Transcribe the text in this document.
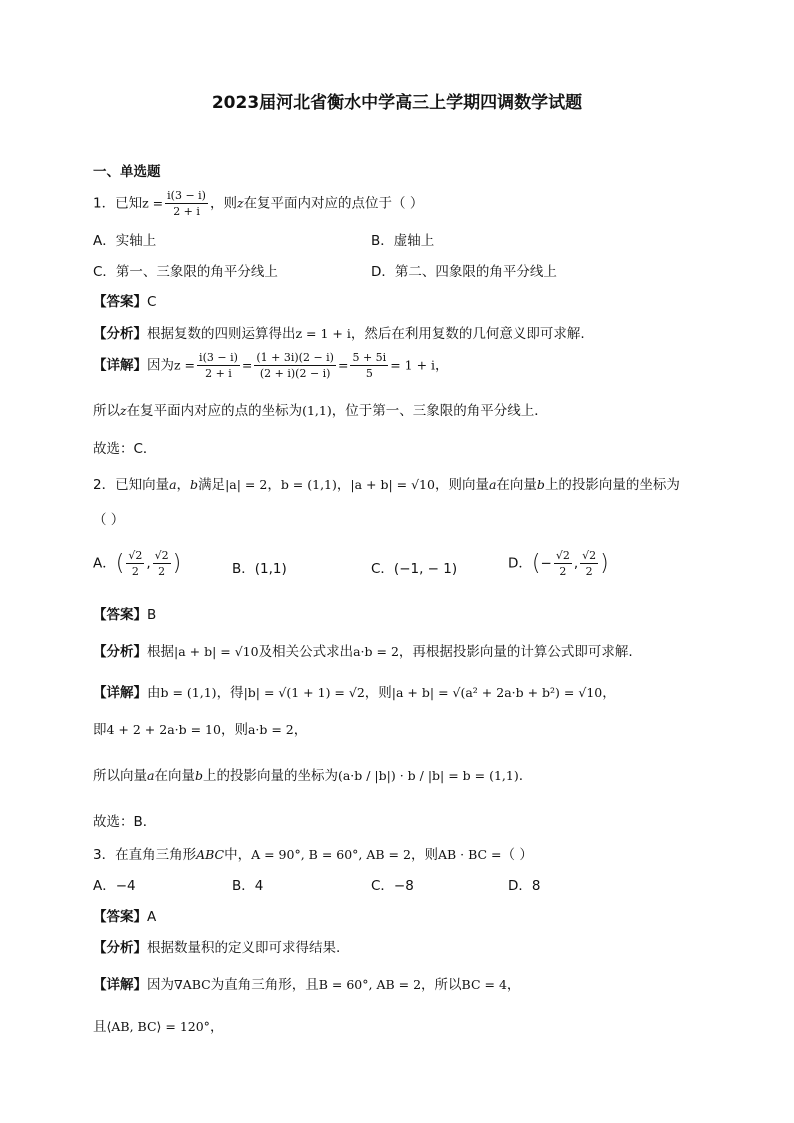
2023届河北省衡水中学高三上学期四调数学试题
一、单选题
1．已知$z = \frac{i(3 - i)}{2 + i}$ ，则z在复平面内对应的点位于（ ）
A．实轴上	B．虚轴上
C．第一、三象限的角平分线上	D．第二、四象限的角平分线上
【答案】C
【分析】根据复数的四则运算得出z = 1 + i，然后在利用复数的几何意义即可求解.
【详解】因为$z = \frac{i(3 - i)}{2 + i} = \frac{(1 + 3i)(2 - i)}{(2 + i)(2 - i)} = \frac{5 + 5i}{5} = 1 + i$，
所以z在复平面内对应的点的坐标为(1,1)，位于第一、三象限的角平分线上．
故选：C．
2．已知向量a，b满足|a| = 2，b = (1,1)，|a + b| = √10，则向量a在向量b上的投影向量的坐标为
（ ）
A．( $\frac{√2}{2}$ , $\frac{√2}{2}$ )	B．(1,1)	C．(−1, − 1)	D．(− $\frac{√2}{2}$ , $\frac{√2}{2}$ )
【答案】B
【分析】根据|a + b| = √10及相关公式求出a·b = 2，再根据投影向量的计算公式即可求解.
【详解】由b = (1,1)，得|b| = √(1 + 1) = √2，则|a + b| = √(a² + 2a·b + b²) = √10，
即4 + 2 + 2a·b = 10，则a·b = 2，
所以向量a在向量b上的投影向量的坐标为(a·b / |b|) · b / |b| = b = (1,1).
故选：B．
3．在直角三角形ABC中，A = 90°, B = 60°, AB = 2，则AB · BC =（ ）
A．−4	B．4	C．−8	D．8
【答案】A
【分析】根据数量积的定义即可求得结果.
【详解】因为∇ABC为直角三角形，且B = 60°, AB = 2，所以BC = 4，
且⟨AB, BC⟩ = 120°，
